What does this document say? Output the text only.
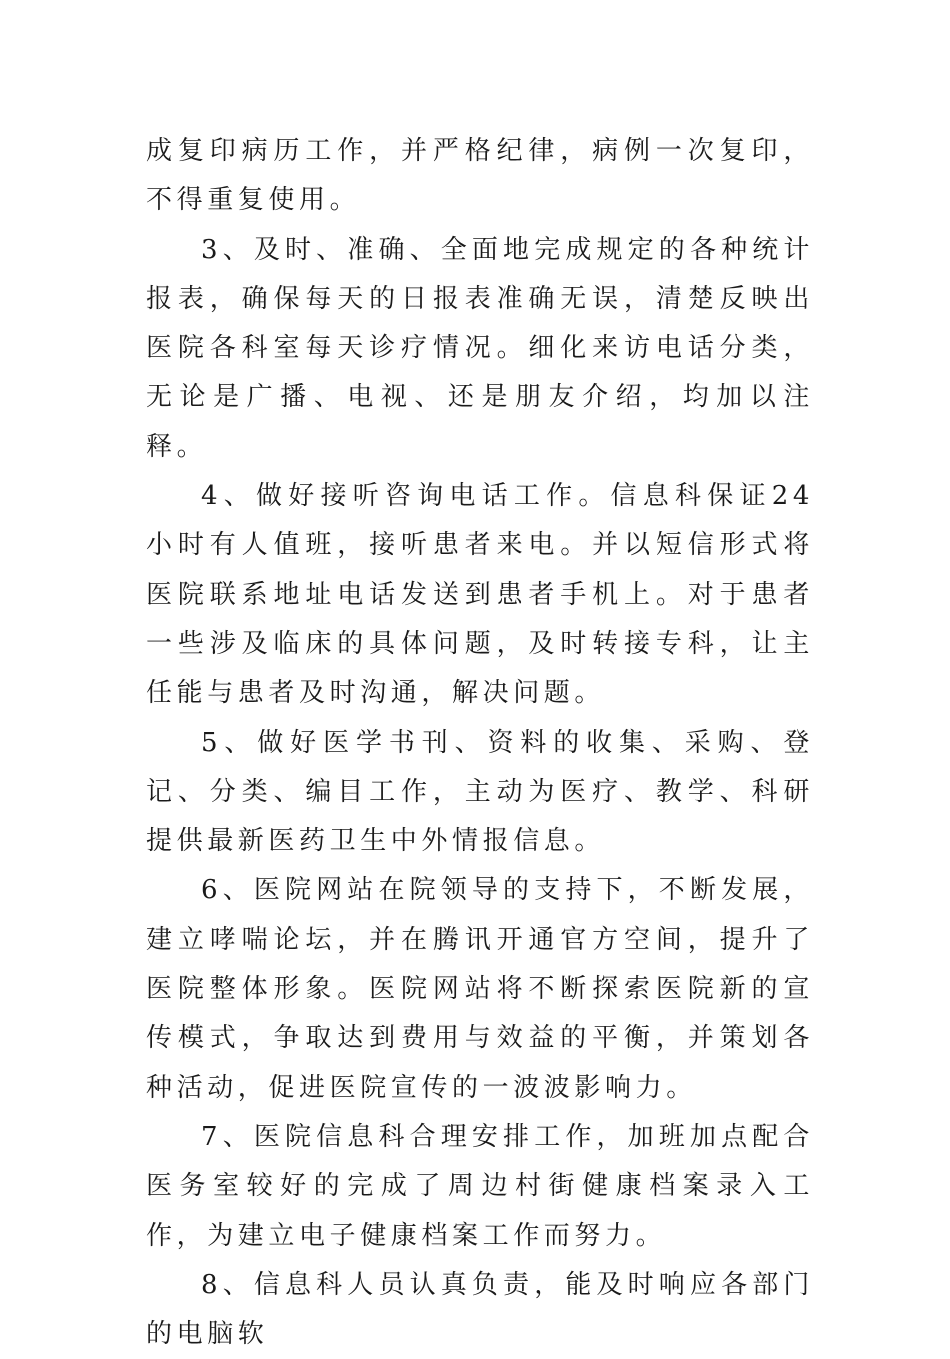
成复印病历工作，并严格纪律，病例一次复印，不得重复使用。

3、及时、准确、全面地完成规定的各种统计报表，确保每天的日报表准确无误，清楚反映出医院各科室每天诊疗情况。细化来访电话分类，无论是广播、电视、还是朋友介绍，均加以注释。

4、做好接听咨询电话工作。信息科保证24小时有人值班，接听患者来电。并以短信形式将医院联系地址电话发送到患者手机上。对于患者一些涉及临床的具体问题，及时转接专科，让主任能与患者及时沟通，解决问题。

5、做好医学书刊、资料的收集、采购、登记、分类、编目工作，主动为医疗、教学、科研提供最新医药卫生中外情报信息。

6、医院网站在院领导的支持下，不断发展，建立哮喘论坛，并在腾讯开通官方空间，提升了医院整体形象。医院网站将不断探索医院新的宣传模式，争取达到费用与效益的平衡，并策划各种活动，促进医院宣传的一波波影响力。

7、医院信息科合理安排工作，加班加点配合医务室较好的完成了周边村街健康档案录入工作，为建立电子健康档案工作而努力。

8、信息科人员认真负责，能及时响应各部门的电脑软
